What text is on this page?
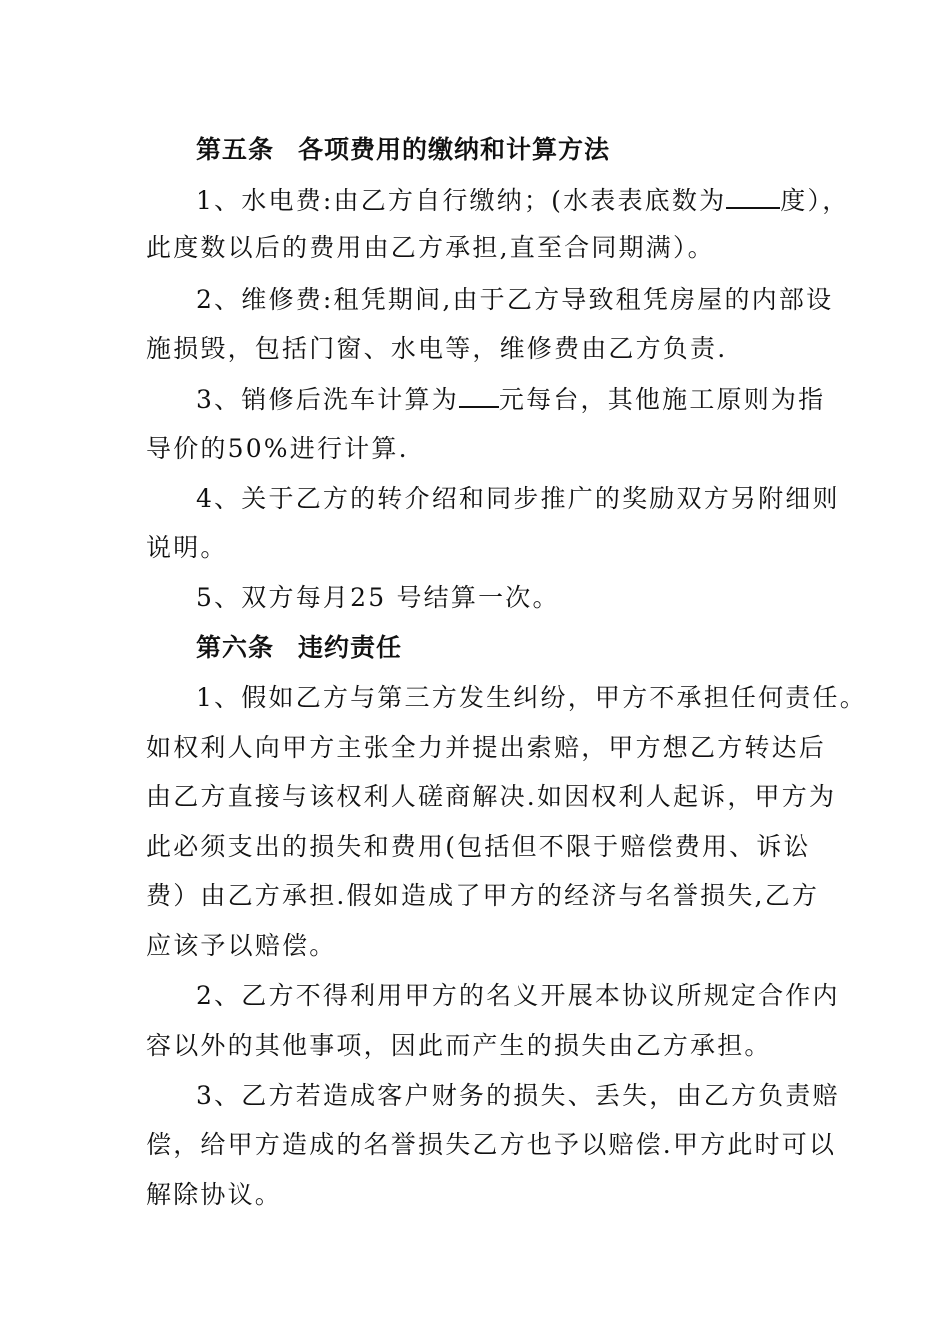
第五条 各项费用的缴纳和计算方法
1、水电费:由乙方自行缴纳；(水表表底数为 度），
此度数以后的费用由乙方承担,直至合同期满）。
2、维修费:租凭期间,由于乙方导致租凭房屋的内部设
施损毁，包括门窗、水电等，维修费由乙方负责.
3、销修后洗车计算为 元每台，其他施工原则为指
导价的50%进行计算.
4、关于乙方的转介绍和同步推广的奖励双方另附细则
说明。
5、双方每月25 号结算一次。
第六条 违约责任
1、假如乙方与第三方发生纠纷，甲方不承担任何责任。
如权利人向甲方主张全力并提出索赔，甲方想乙方转达后
由乙方直接与该权利人磋商解决.如因权利人起诉，甲方为
此必须支出的损失和费用(包括但不限于赔偿费用、诉讼
费）由乙方承担.假如造成了甲方的经济与名誉损失,乙方
应该予以赔偿。
2、乙方不得利用甲方的名义开展本协议所规定合作内
容以外的其他事项，因此而产生的损失由乙方承担。
3、乙方若造成客户财务的损失、丢失，由乙方负责赔
偿，给甲方造成的名誉损失乙方也予以赔偿.甲方此时可以
解除协议。
